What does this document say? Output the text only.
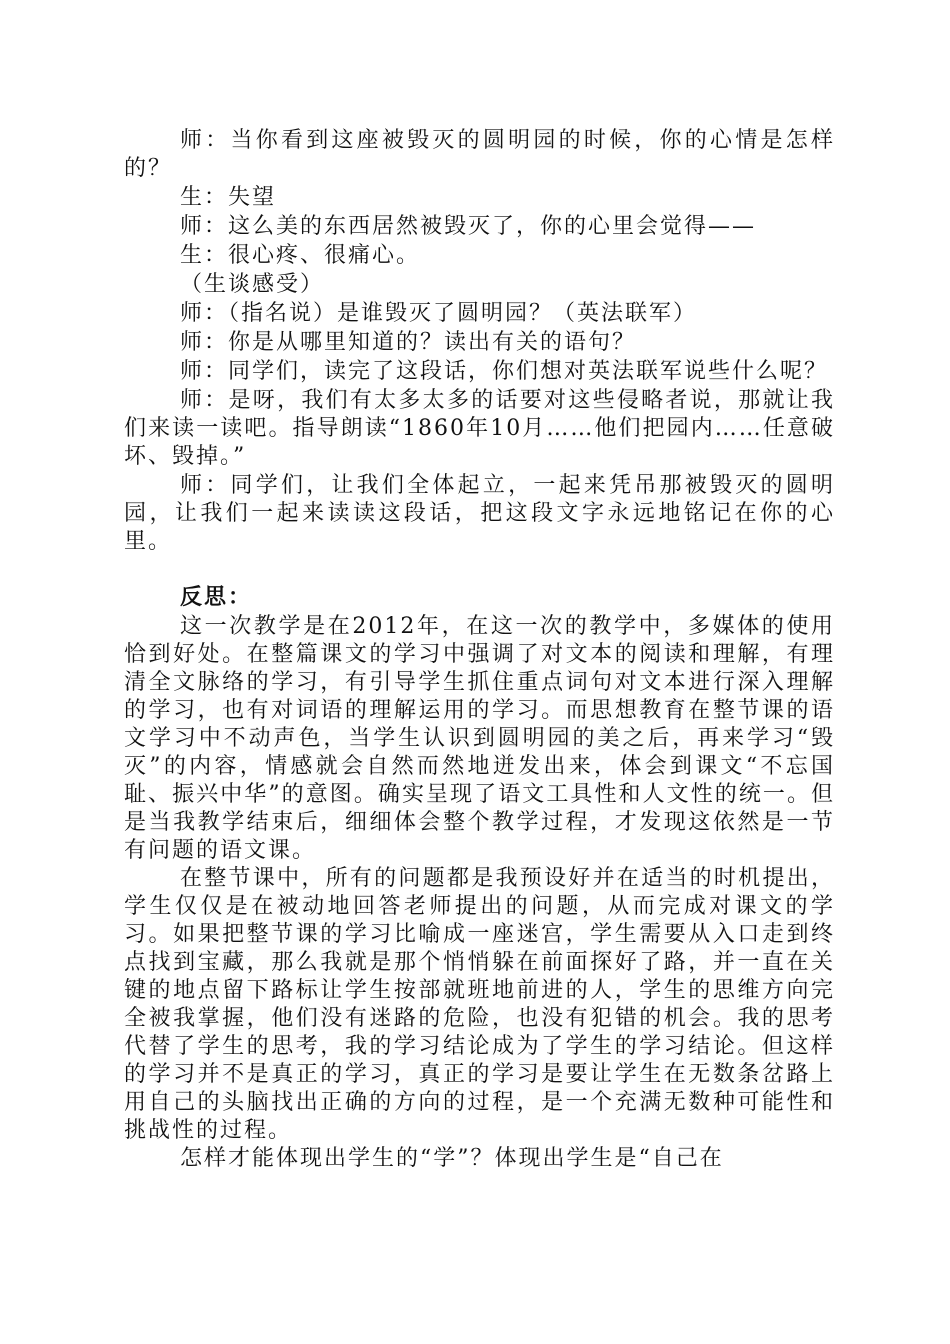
师：当你看到这座被毁灭的圆明园的时候，你的心情是怎样的？

生：失望

师：这么美的东西居然被毁灭了，你的心里会觉得——

生：很心疼、很痛心。

（生谈感受）

师：（指名说）是谁毁灭了圆明园？（英法联军）

师：你是从哪里知道的？读出有关的语句？

师：同学们，读完了这段话，你们想对英法联军说些什么呢？

师：是呀，我们有太多太多的话要对这些侵略者说，那就让我们来读一读吧。指导朗读“1860年10月……他们把园内……任意破坏、毁掉。”

师：同学们，让我们全体起立，一起来凭吊那被毁灭的圆明园，让我们一起来读读这段话，把这段文字永远地铭记在你的心里。

反思：

这一次教学是在2012年，在这一次的教学中，多媒体的使用恰到好处。在整篇课文的学习中强调了对文本的阅读和理解，有理清全文脉络的学习，有引导学生抓住重点词句对文本进行深入理解的学习，也有对词语的理解运用的学习。而思想教育在整节课的语文学习中不动声色，当学生认识到圆明园的美之后，再来学习“毁灭”的内容，情感就会自然而然地迸发出来，体会到课文“不忘国耻、振兴中华”的意图。确实呈现了语文工具性和人文性的统一。但是当我教学结束后，细细体会整个教学过程，才发现这依然是一节有问题的语文课。

在整节课中，所有的问题都是我预设好并在适当的时机提出，学生仅仅是在被动地回答老师提出的问题，从而完成对课文的学习。如果把整节课的学习比喻成一座迷宫，学生需要从入口走到终点找到宝藏，那么我就是那个悄悄躲在前面探好了路，并一直在关键的地点留下路标让学生按部就班地前进的人，学生的思维方向完全被我掌握，他们没有迷路的危险，也没有犯错的机会。我的思考代替了学生的思考，我的学习结论成为了学生的学习结论。但这样的学习并不是真正的学习，真正的学习是要让学生在无数条岔路上用自己的头脑找出正确的方向的过程，是一个充满无数种可能性和挑战性的过程。

怎样才能体现出学生的“学”？体现出学生是“自己在
